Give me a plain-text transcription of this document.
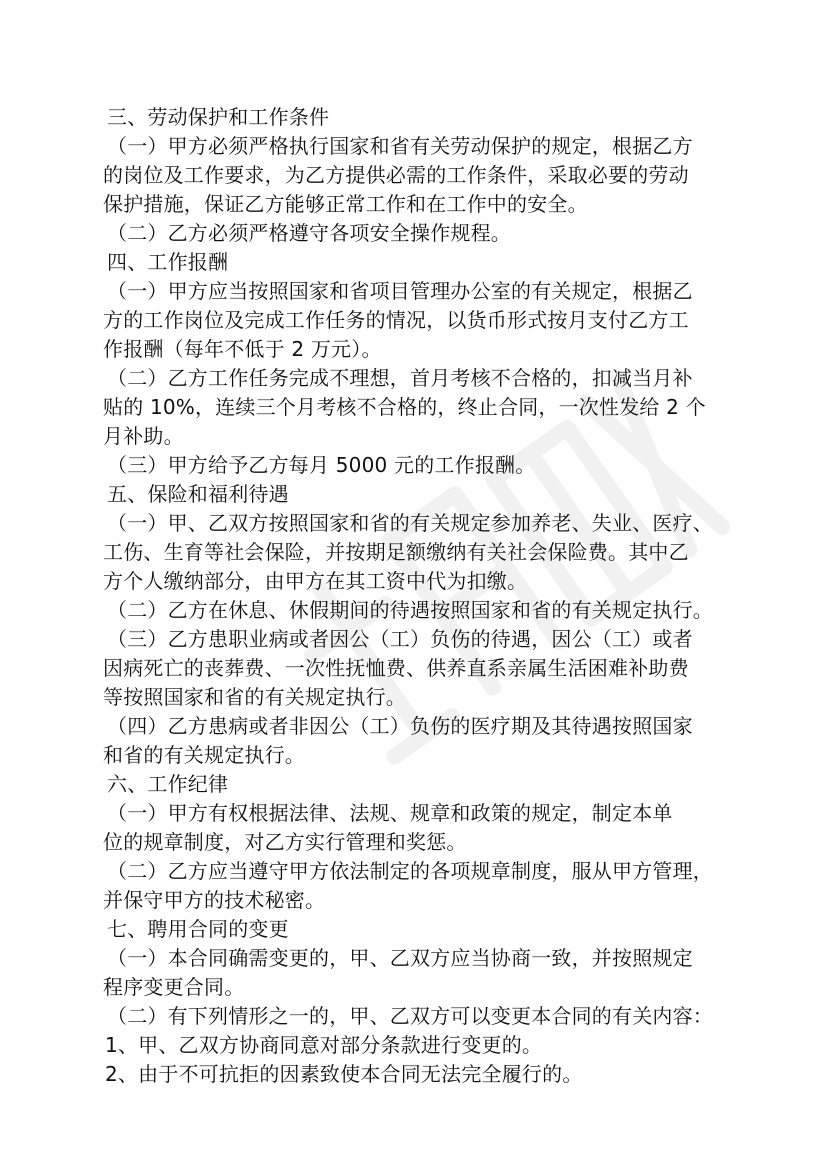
三、劳动保护和工作条件
（一）甲方必须严格执行国家和省有关劳动保护的规定，根据乙方
的岗位及工作要求，为乙方提供必需的工作条件，采取必要的劳动
保护措施，保证乙方能够正常工作和在工作中的安全。
（二）乙方必须严格遵守各项安全操作规程。
四、工作报酬
（一）甲方应当按照国家和省项目管理办公室的有关规定，根据乙
方的工作岗位及完成工作任务的情况，以货币形式按月支付乙方工
作报酬（每年不低于 2 万元）。
（二）乙方工作任务完成不理想，首月考核不合格的，扣减当月补
贴的 10%，连续三个月考核不合格的，终止合同，一次性发给 2 个
月补助。
（三）甲方给予乙方每月 5000 元的工作报酬。
五、保险和福利待遇
（一）甲、乙双方按照国家和省的有关规定参加养老、失业、医疗、
工伤、生育等社会保险，并按期足额缴纳有关社会保险费。其中乙
方个人缴纳部分，由甲方在其工资中代为扣缴。
（二）乙方在休息、休假期间的待遇按照国家和省的有关规定执行。
（三）乙方患职业病或者因公（工）负伤的待遇，因公（工）或者
因病死亡的丧葬费、一次性抚恤费、供养直系亲属生活困难补助费
等按照国家和省的有关规定执行。
（四）乙方患病或者非因公（工）负伤的医疗期及其待遇按照国家
和省的有关规定执行。
六、工作纪律
（一）甲方有权根据法律、法规、规章和政策的规定，制定本单
位的规章制度，对乙方实行管理和奖惩。
（二）乙方应当遵守甲方依法制定的各项规章制度，服从甲方管理，
并保守甲方的技术秘密。
七、聘用合同的变更
（一）本合同确需变更的，甲、乙双方应当协商一致，并按照规定
程序变更合同。
（二）有下列情形之一的，甲、乙双方可以变更本合同的有关内容：
1、甲、乙双方协商同意对部分条款进行变更的。
2、由于不可抗拒的因素致使本合同无法完全履行的。
